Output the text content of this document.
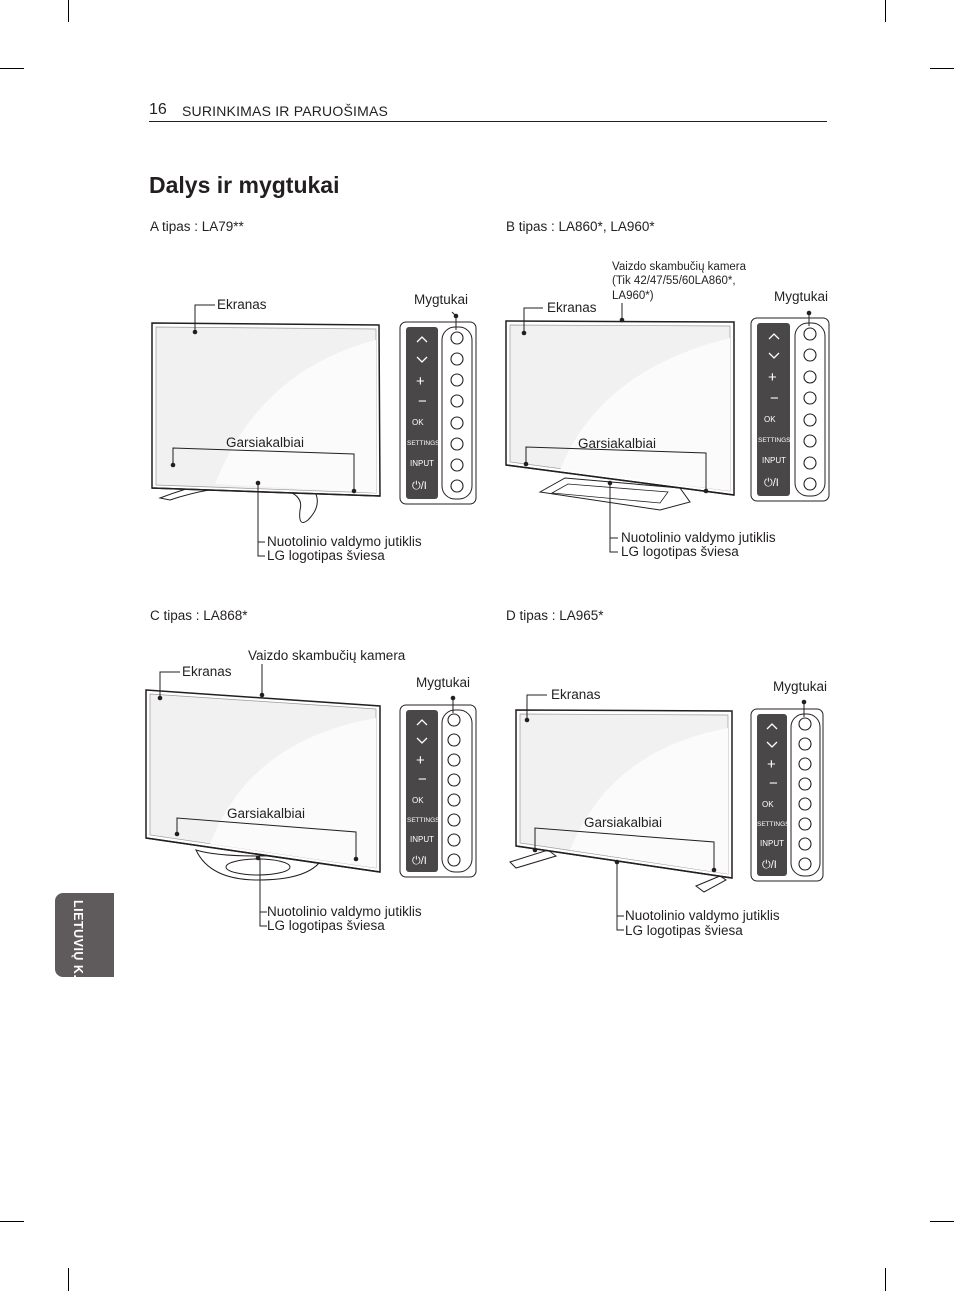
16 SURINKIMAS IR PARUOŠIMAS
Dalys ir mygtukai
LIETUVIŲ K.
A tipas : LA79**
Ekranas	Mygtukai
Garsiakalbiai
Nuotolinio valdymo jutiklis
LG logotipas šviesa
+
−
OK
SETTINGS
INPUT
⏻/I
B tipas : LA860*, LA960*
Vaizdo skambučių kamera
(Tik 42/47/55/60LA860*,
LA960*)
Ekranas
Mygtukai
Garsiakalbiai
Nuotolinio valdymo jutiklis
LG logotipas šviesa
+
−
OK
SETTINGS
INPUT
⏻/I
C tipas : LA868*
Vaizdo skambučių kamera
Ekranas
Mygtukai
Garsiakalbiai
Nuotolinio valdymo jutiklis
LG logotipas šviesa
+
−
OK
SETTINGS
INPUT
⏻/I
D tipas : LA965*
Ekranas
Mygtukai
Garsiakalbiai
Nuotolinio valdymo jutiklis
LG logotipas šviesa
+
−
OK
SETTINGS
INPUT
⏻/I
